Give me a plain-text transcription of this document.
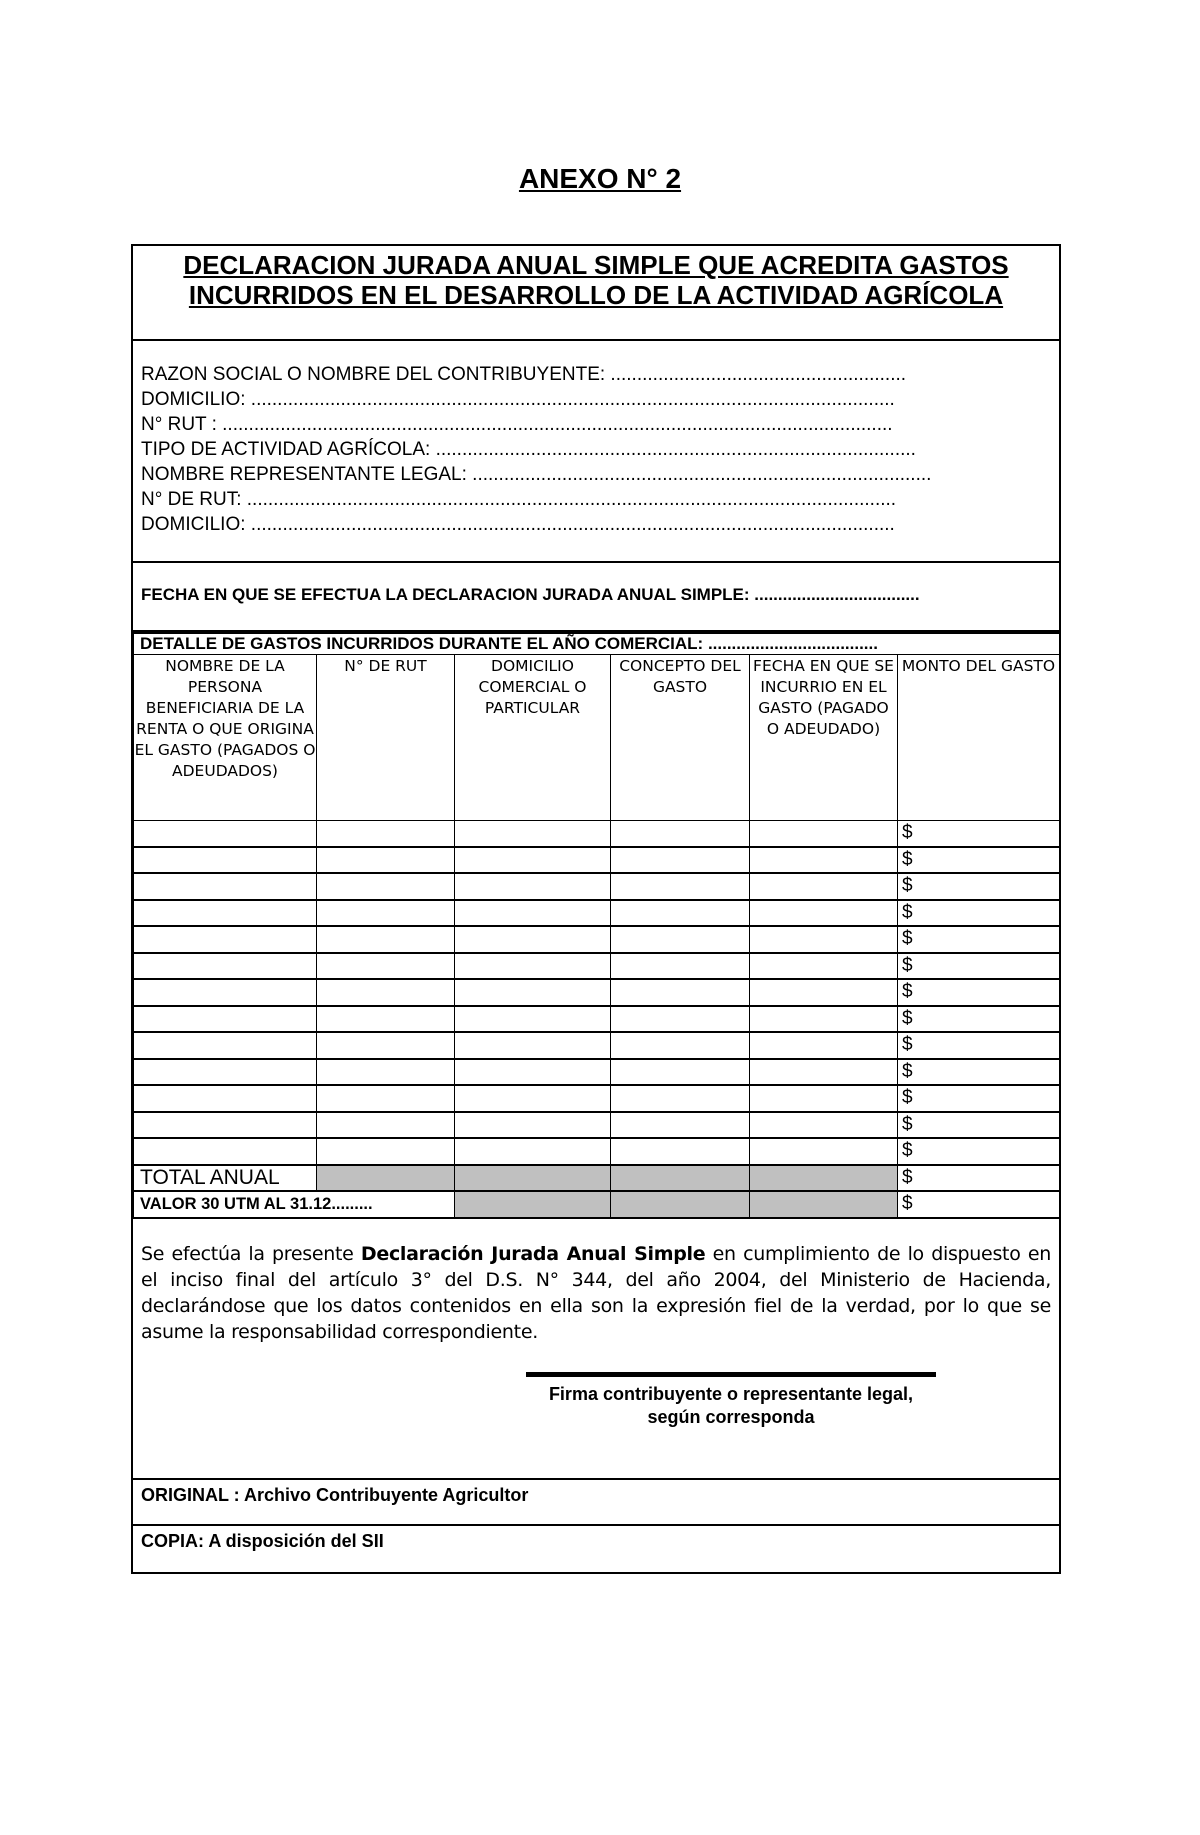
ANEXO N° 2
DECLARACION JURADA ANUAL SIMPLE QUE ACREDITA GASTOS
INCURRIDOS EN EL DESARROLLO DE LA ACTIVIDAD AGRÍCOLA
RAZON SOCIAL O NOMBRE DEL CONTRIBUYENTE: ........................................................
DOMICILIO: ..........................................................................................................................
N° RUT : ...............................................................................................................................
TIPO DE ACTIVIDAD AGRÍCOLA: ...........................................................................................
NOMBRE REPRESENTANTE LEGAL: .......................................................................................
N° DE RUT: ...........................................................................................................................
DOMICILIO: ..........................................................................................................................
FECHA EN QUE SE EFECTUA LA DECLARACION JURADA ANUAL SIMPLE: ...................................
DETALLE DE GASTOS INCURRIDOS DURANTE EL AÑO COMERCIAL: ....................................					
NOMBRE DE LA PERSONA BENEFICIARIA DE LA RENTA O QUE ORIGINA EL GASTO (PAGADOS O ADEUDADOS)	N° DE RUT	DOMICILIO COMERCIAL O PARTICULAR	CONCEPTO DEL GASTO	FECHA EN QUE SE INCURRIO EN EL GASTO (PAGADO O ADEUDADO)	MONTO DEL GASTO
					$
					$
					$
					$
					$
					$
					$
					$
					$
					$
					$
					$
					$
TOTAL ANUAL					$
VALOR 30 UTM AL 31.12.........					$

Se efectúa la presente Declaración Jurada Anual Simple en cumplimiento de lo dispuesto en el inciso final del artículo 3° del D.S. N° 344, del año 2004, del Ministerio de Hacienda, declarándose que los datos contenidos en ella son la expresión fiel de la verdad, por lo que se asume la responsabilidad correspondiente.

Firma contribuyente o representante legal,
según corresponda
ORIGINAL : Archivo Contribuyente Agricultor
COPIA: A disposición del SII
